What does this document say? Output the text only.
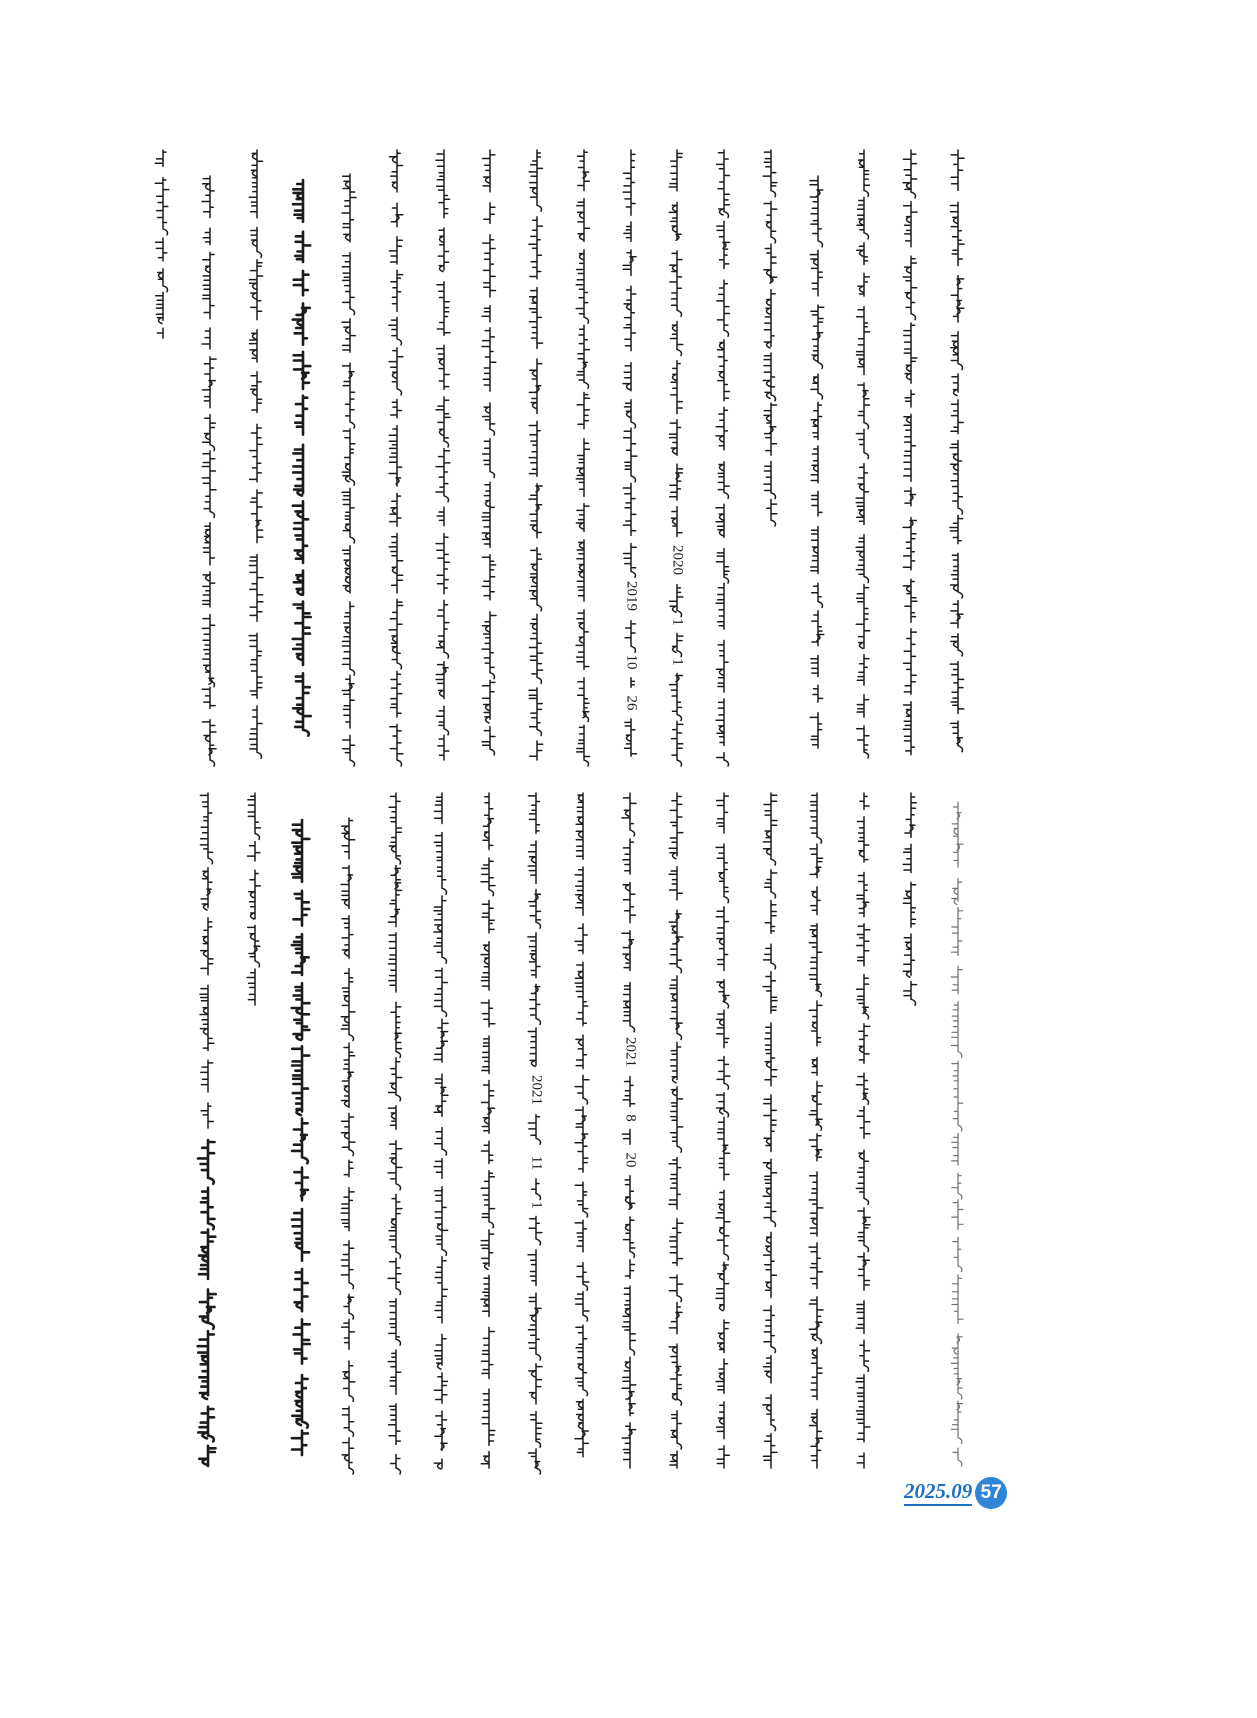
2019
10
26
2020
1
1
2021
11
1
2021
8
20
2025.09 57
